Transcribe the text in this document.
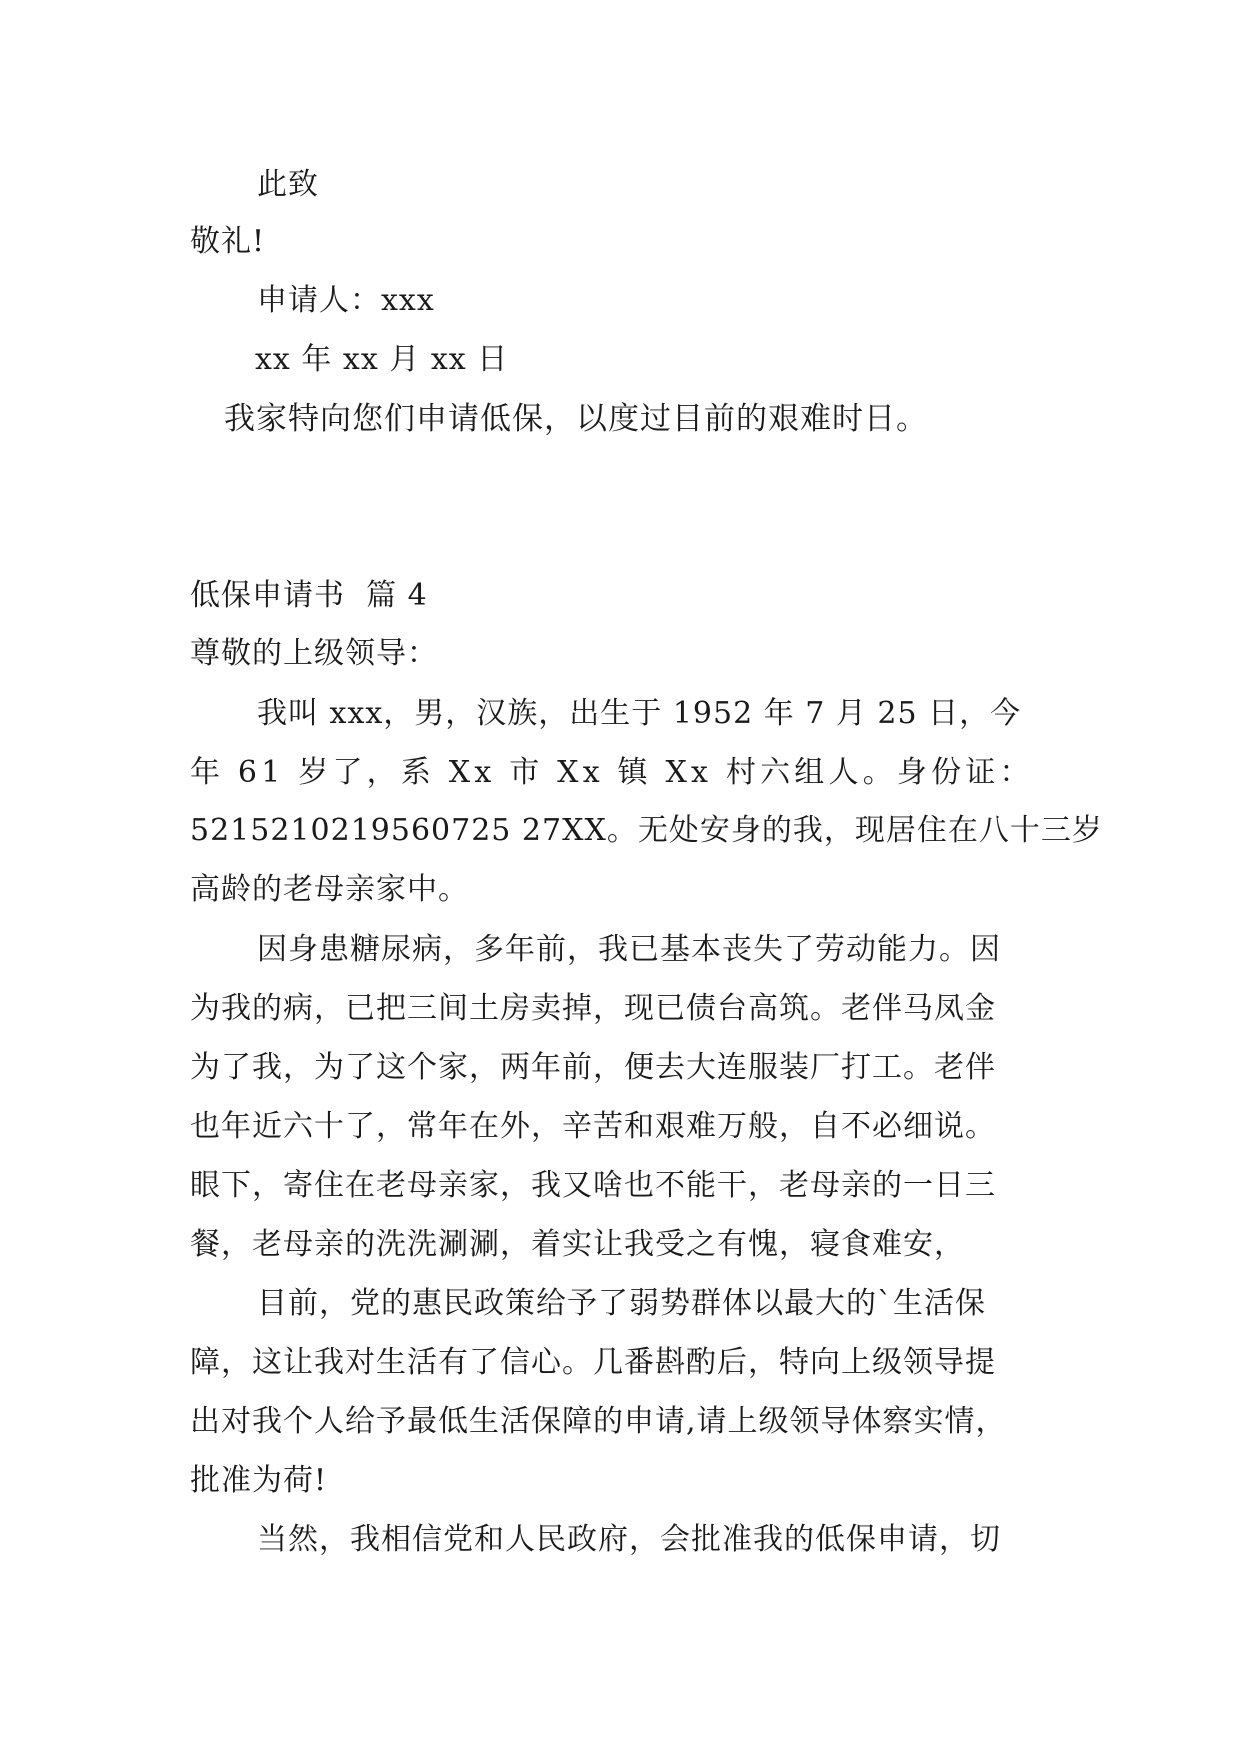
此致
敬礼!
申请人：xxx
xx 年 xx 月 xx 日
我家特向您们申请低保，以度过目前的艰难时日。
低保申请书  篇 4
尊敬的上级领导：
我叫 xxx，男，汉族，出生于 1952 年 7 月 25 日，今
年 61 岁了，系 Xx 市 Xx 镇 Xx 村六组人。身份证：
5215210219560725 27XX。无处安身的我，现居住在八十三岁
高龄的老母亲家中。
因身患糖尿病，多年前，我已基本丧失了劳动能力。因
为我的病，已把三间土房卖掉，现已债台高筑。老伴马凤金
为了我，为了这个家，两年前，便去大连服装厂打工。老伴
也年近六十了，常年在外，辛苦和艰难万般，自不必细说。
眼下，寄住在老母亲家，我又啥也不能干，老母亲的一日三
餐，老母亲的洗洗涮涮，着实让我受之有愧，寝食难安，
目前，党的惠民政策给予了弱势群体以最大的`生活保
障，这让我对生活有了信心。几番斟酌后，特向上级领导提
出对我个人给予最低生活保障的申请,请上级领导体察实情，
批准为荷!
当然，我相信党和人民政府，会批准我的低保申请，切
